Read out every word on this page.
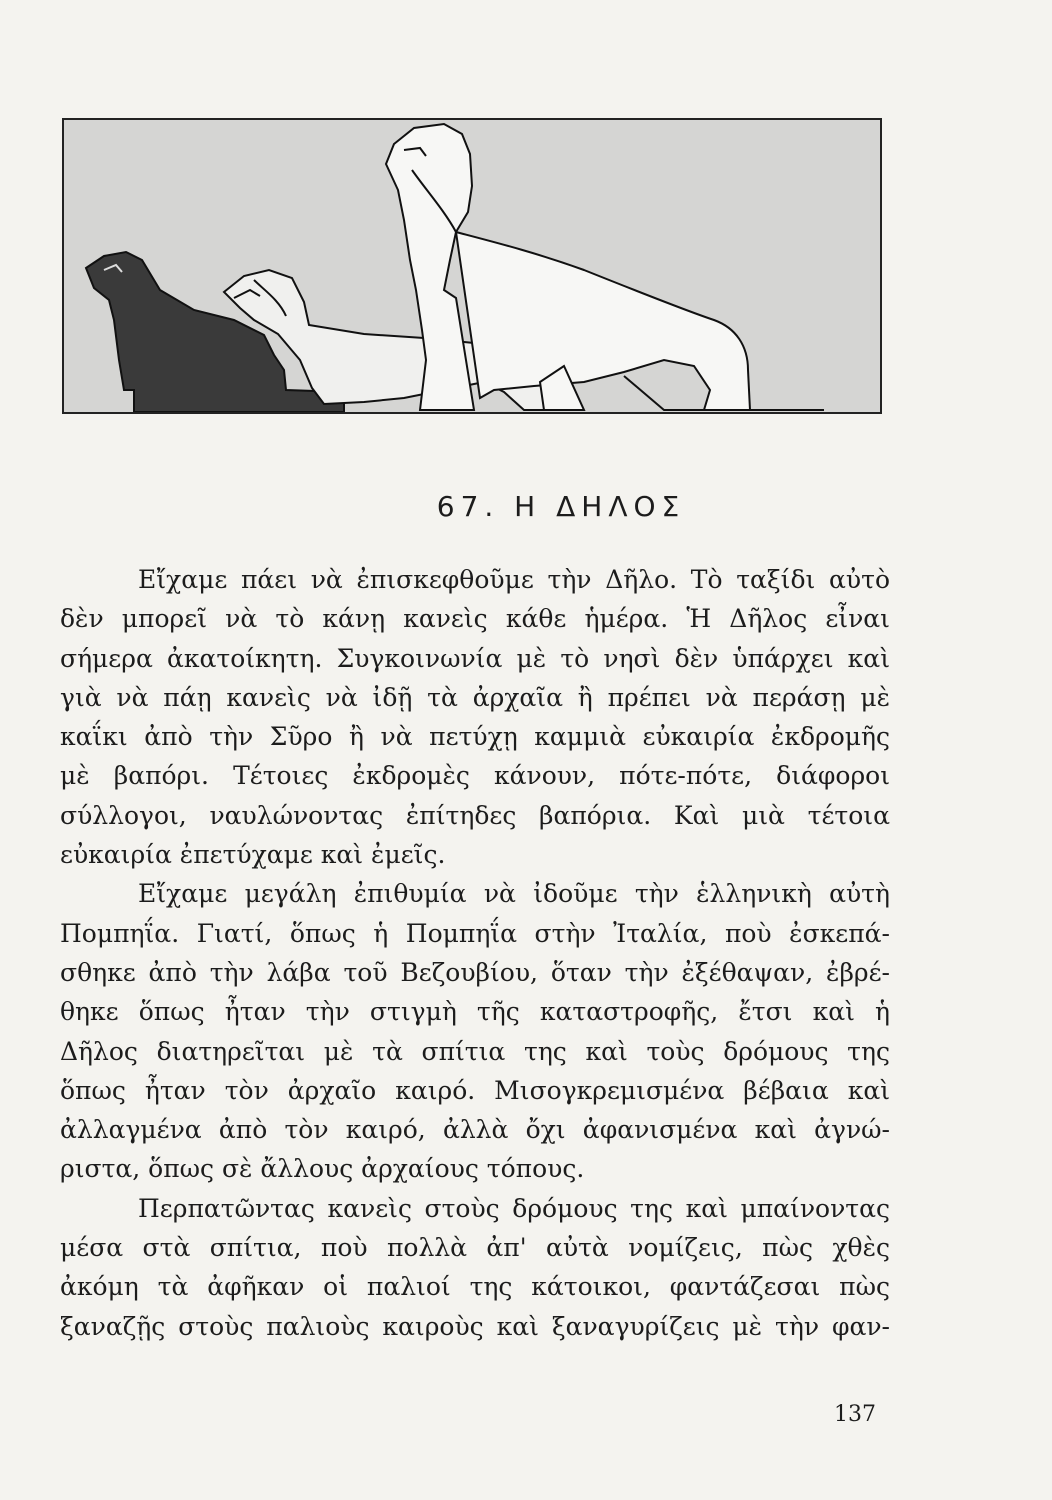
67. Η ΔΗΛΟΣ
Εἴχαμε πάει νὰ ἐπισκεφθοῦμε τὴν Δῆλο. Τὸ ταξίδι αὐτὸ
δὲν μπορεῖ νὰ τὸ κάνῃ κανεὶς κάθε ἡμέρα. Ἡ Δῆλος εἶναι
σήμερα ἀκατοίκητη. Συγκοινωνία μὲ τὸ νησὶ δὲν ὑπάρχει καὶ
γιὰ νὰ πάῃ κανεὶς νὰ ἰδῇ τὰ ἀρχαῖα ἢ πρέπει νὰ περάσῃ μὲ
καΐκι ἀπὸ τὴν Σῦρο ἢ νὰ πετύχῃ καμμιὰ εὐκαιρία ἐκδρομῆς
μὲ βαπόρι. Τέτοιες ἐκδρομὲς κάνουν, πότε-πότε, διάφοροι
σύλλογοι, ναυλώνοντας ἐπίτηδες βαπόρια. Καὶ μιὰ τέτοια
εὐκαιρία ἐπετύχαμε καὶ ἐμεῖς.
Εἴχαμε μεγάλη ἐπιθυμία νὰ ἰδοῦμε τὴν ἑλληνικὴ αὐτὴ
Πομπηΐα. Γιατί, ὅπως ἡ Πομπηΐα στὴν Ἰταλία, ποὺ ἐσκεπά-
σθηκε ἀπὸ τὴν λάβα τοῦ Βεζουβίου, ὅταν τὴν ἐξέθαψαν, ἐβρέ-
θηκε ὅπως ἦταν τὴν στιγμὴ τῆς καταστροφῆς, ἔτσι καὶ ἡ
Δῆλος διατηρεῖται μὲ τὰ σπίτια της καὶ τοὺς δρόμους της
ὅπως ἦταν τὸν ἀρχαῖο καιρό. Μισογκρεμισμένα βέβαια καὶ
ἀλλαγμένα ἀπὸ τὸν καιρό, ἀλλὰ ὄχι ἀφανισμένα καὶ ἀγνώ-
ριστα, ὅπως σὲ ἄλλους ἀρχαίους τόπους.
Περπατῶντας κανεὶς στοὺς δρόμους της καὶ μπαίνοντας
μέσα στὰ σπίτια, ποὺ πολλὰ ἀπ' αὐτὰ νομίζεις, πὼς χθὲς
ἀκόμη τὰ ἀφῆκαν οἱ παλιοί της κάτοικοι, φαντάζεσαι πὼς
ξαναζῇς στοὺς παλιοὺς καιροὺς καὶ ξαναγυρίζεις μὲ τὴν φαν-
137
